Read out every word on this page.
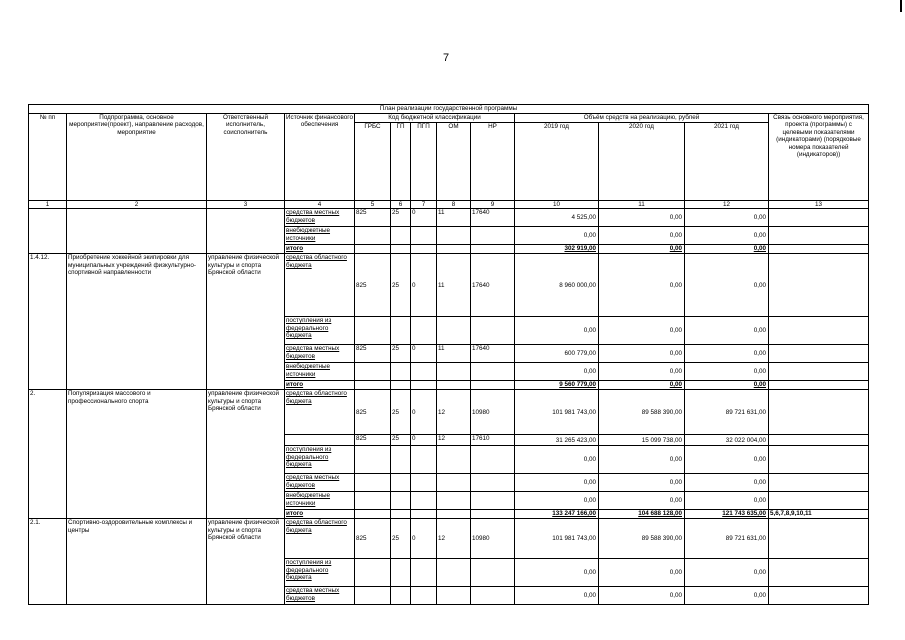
7
План реализации государственной программы												
№ пп	Подпрограмма, основное мероприятие(проект), направление расходов, мероприятие	Ответственный исполнитель, соисполнитель	Источник финансового обеспечения	Код бюджетной классификации					Объём средств на реализацию, рублей			Связь основного мероприятия, проекта (программы) с целевыми показателями (индикаторами) (порядковые номера показателей (индикаторов))
				ГРБС	ГП	ПГП	ОМ	НР	2019 год	2020 год	2021 год	
1	2	3	4	5	6	7	8	9	10	11	12	13
			средства местных бюджетов	825	25	0	11	17640	4 525,00	0,00	0,00	
			внебюджетные источники						0,00	0,00	0,00	
			итого						302 919,00	0,00	0,00	
1.4.12.	Приобретение хоккейной экипировки для муниципальных учреждений физкультурно-спортивной направленности	управление физической культуры и спорта Брянской области	средства областного бюджета	825	25	0	11	17640	8 960 000,00	0,00	0,00	
			поступления из федерального бюджета						0,00	0,00	0,00	
			средства местных бюджетов	825	25	0	11	17640	600 779,00	0,00	0,00	
			внебюджетные источники						0,00	0,00	0,00	
			итого						9 560 779,00	0,00	0,00	
2.	Популяризация массового и профессионального спорта	управление физической культуры и спорта Брянской области	средства областного бюджета	825	25	0	12	10980	101 981 743,00	89 588 390,00	89 721 631,00	
				825	25	0	12	17610	31 265 423,00	15 099 738,00	32 022 004,00	
			поступления из федерального бюджета						0,00	0,00	0,00	
			средства местных бюджетов						0,00	0,00	0,00	
			внебюджетные источники						0,00	0,00	0,00	
			итого						133 247 166,00	104 688 128,00	121 743 635,00	5,6,7,8,9,10,11
2.1.	Спортивно-оздоровительные комплексы и центры	управление физической культуры и спорта Брянской области	средства областного бюджета	825	25	0	12	10980	101 981 743,00	89 588 390,00	89 721 631,00	
			поступления из федерального бюджета						0,00	0,00	0,00	
			средства местных бюджетов						0,00	0,00	0,00	
